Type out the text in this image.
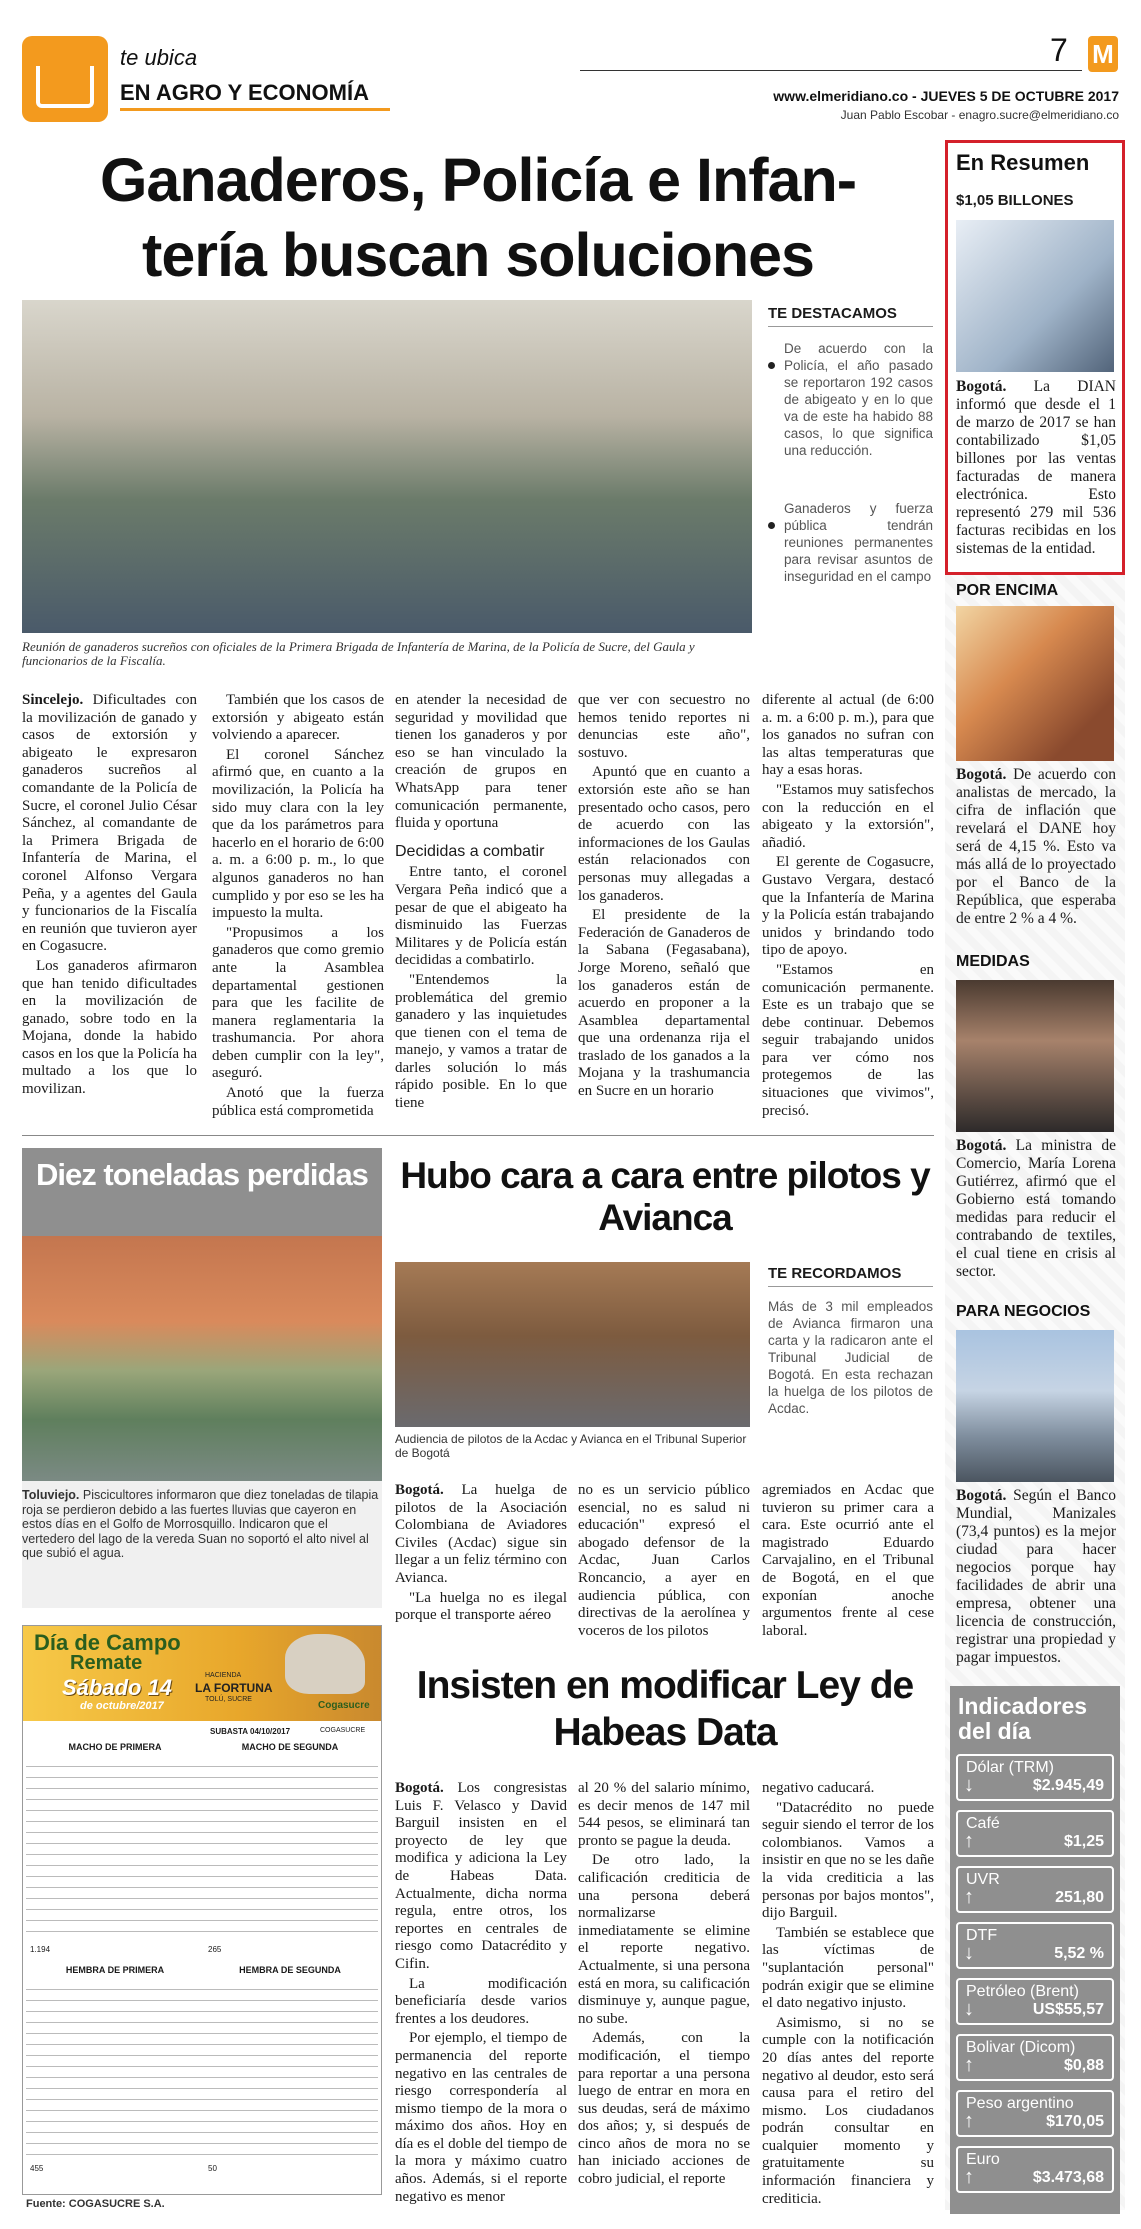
te ubica
EN AGRO Y ECONOMÍA
7 M
www.elmeridiano.co - JUEVES 5 DE OCTUBRE 2017
Juan Pablo Escobar - enagro.sucre@elmeridiano.co
Ganaderos, Policía e Infan-
tería buscan soluciones
Reunión de ganaderos sucreños con oficiales de la Primera Brigada de Infantería de Marina, de la Policía de Sucre, del Gaula y funcionarios de la Fiscalía.
TE DESTACAMOS
De acuerdo con la Policía, el año pasado se reportaron 192 casos de abigeato y en lo que va de este ha habido 88 casos, lo que significa una reducción.
Ganaderos y fuerza pública tendrán reuniones permanentes para revisar asuntos de inseguridad en el campo

Sincelejo. Dificultades con la movilización de ganado y casos de extorsión y abigeato le expresaron ganaderos sucreños al comandante de la Policía de Sucre, el coronel Julio César Sánchez, al comandante de la Primera Brigada de Infantería de Marina, el coronel Alfonso Vergara Peña, y a agentes del Gaula y funcionarios de la Fiscalía en reunión que tuvieron ayer en Cogasucre.

Los ganaderos afirmaron que han tenido dificultades en la movilización de ganado, sobre todo en la Mojana, donde la habido casos en los que la Policía ha multado a los que lo movilizan.

También que los casos de extorsión y abigeato están volviendo a aparecer.

El coronel Sánchez afirmó que, en cuanto a la movilización, la Policía ha sido muy clara con la ley que da los parámetros para hacerlo en el horario de 6:00 a. m. a 6:00 p. m., lo que algunos ganaderos no han cumplido y por eso se les ha impuesto la multa.

"Propusimos a los ganaderos que como gremio ante la Asamblea departamental gestionen para que les facilite de manera reglamentaria la trashumancia. Por ahora deben cumplir con la ley", aseguró.

Anotó que la fuerza pública está comprometida

en atender la necesidad de seguridad y movilidad que tienen los ganaderos y por eso se han vinculado la creación de grupos en WhatsApp para tener comunicación permanente, fluida y oportuna

Decididas a combatir

Entre tanto, el coronel Vergara Peña indicó que a pesar de que el abigeato ha disminuido las Fuerzas Militares y de Policía están decididas a combatirlo.

"Entendemos la problemática del gremio ganadero y las inquietudes que tienen con el tema de manejo, y vamos a tratar de darles solución lo más rápido posible. En lo que tiene

que ver con secuestro no hemos tenido reportes ni denuncias este año", sostuvo.

Apuntó que en cuanto a extorsión este año se han presentado ocho casos, pero de acuerdo con las informaciones de los Gaulas están relacionados con personas muy allegadas a los ganaderos.

El presidente de la Federación de Ganaderos de la Sabana (Fegasabana), Jorge Moreno, señaló que los ganaderos están de acuerdo en proponer a la Asamblea departamental que una ordenanza rija el traslado de los ganados a la Mojana y la trashumancia en Sucre en un horario

diferente al actual (de 6:00 a. m. a 6:00 p. m.), para que los ganados no sufran con las altas temperaturas que hay a esas horas.

"Estamos muy satisfechos con la reducción en el abigeato y la extorsión", añadió.

El gerente de Cogasucre, Gustavo Vergara, destacó que la Infantería de Marina y la Policía están trabajando unidos y brindando todo tipo de apoyo.

"Estamos en comunicación permanente. Este es un trabajo que se debe continuar. Debemos seguir trabajando unidos para ver cómo nos protegemos de las situaciones que vivimos", precisó.

Diez toneladas perdidas
Toluviejo. Piscicultores informaron que diez toneladas de tilapia roja se perdieron debido a las fuertes lluvias que cayeron en estos días en el Golfo de Morrosquillo. Indicaron que el vertedero del lago de la vereda Suan no soportó el alto nivel al que subió el agua.
Hubo cara a cara entre pilotos y Avianca
Audiencia de pilotos de la Acdac y Avianca en el Tribunal Superior de Bogotá
TE RECORDAMOS
Más de 3 mil empleados de Avianca firmaron una carta y la radicaron ante el Tribunal Judicial de Bogotá. En esta rechazan la huelga de los pilotos de Acdac.

Bogotá. La huelga de pilotos de la Asociación Colombiana de Aviadores Civiles (Acdac) sigue sin llegar a un feliz término con Avianca.

"La huelga no es ilegal porque el transporte aéreo

no es un servicio público esencial, no es salud ni educación" expresó el abogado defensor de la Acdac, Juan Carlos Roncancio, a ayer en audiencia pública, con directivas de la aerolínea y voceros de los pilotos

agremiados en Acdac que tuvieron su primer cara a cara. Este ocurrió ante el magistrado Eduardo Carvajalino, en el Tribunal de Bogotá, en el que exponían anoche argumentos frente al cese laboral.

Día de Campo
Remate
Sábado 14
de octubre/2017
HACIENDA
LA FORTUNA
TOLÚ, SUCRE
Cogasucre
SUBASTA 04/10/2017	COGASUCRE
MACHO DE PRIMERA	MACHO DE SEGUNDA
1.194	265
HEMBRA DE PRIMERA	HEMBRA DE SEGUNDA
455	50
Fuente: COGASUCRE S.A.
Insisten en modificar Ley de Habeas Data

Bogotá. Los congresistas Luis F. Velasco y David Barguil insisten en el proyecto de ley que modifica y adiciona la Ley de Habeas Data. Actualmente, dicha norma regula, entre otros, los reportes en centrales de riesgo como Datacrédito y Cifin.

La modificación beneficiaría desde varios frentes a los deudores.

Por ejemplo, el tiempo de permanencia del reporte negativo en las centrales de riesgo correspondería al mismo tiempo de la mora o máximo dos años. Hoy en día es el doble del tiempo de la mora y máximo cuatro años. Además, si el reporte negativo es menor

al 20 % del salario mínimo, es decir menos de 147 mil 544 pesos, se eliminará tan pronto se pague la deuda.

De otro lado, la calificación crediticia de una persona deberá normalizarse inmediatamente se elimine el reporte negativo. Actualmente, si una persona está en mora, su calificación disminuye y, aunque pague, no sube.

Además, con la modificación, el tiempo para reportar a una persona luego de entrar en mora en sus deudas, será de máximo dos años; y, si después de cinco años de mora no se han iniciado acciones de cobro judicial, el reporte

negativo caducará.

"Datacrédito no puede seguir siendo el terror de los colombianos. Vamos a insistir en que no se les dañe la vida crediticia a las personas por bajos montos", dijo Barguil.

También se establece que las víctimas de "suplantación personal" podrán exigir que se elimine el dato negativo injusto.

Asimismo, si no se cumple con la notificación 20 días antes del reporte negativo al deudor, esto será causa para el retiro del mismo. Los ciudadanos podrán consultar en cualquier momento y gratuitamente su información financiera y crediticia.

En Resumen
$1,05 BILLONES
Bogotá. La DIAN informó que desde el 1 de marzo de 2017 se han contabilizado $1,05 billones por las ventas facturadas de manera electrónica. Esto representó 279 mil 536 facturas recibidas en los sistemas de la entidad.
POR ENCIMA
Bogotá. De acuerdo con analistas de mercado, la cifra de inflación que revelará el DANE hoy será de 4,15 %. Esto va más allá de lo proyectado por el Banco de la República, que esperaba de entre 2 % a 4 %.
MEDIDAS
Bogotá. La ministra de Comercio, María Lorena Gutiérrez, afirmó que el Gobierno está tomando medidas para reducir el contrabando de textiles, el cual tiene en crisis al sector.
PARA NEGOCIOS
Bogotá. Según el Banco Mundial, Manizales (73,4 puntos) es la mejor ciudad para hacer negocios porque hay facilidades de abrir una empresa, obtener una licencia de construcción, registrar una propiedad y pagar impuestos.
Indicadores del día
Dólar (TRM)
↓	$2.945,49
Café
↑	$1,25
UVR
↑	251,80
DTF
↓	5,52 %
Petróleo (Brent)
↓	US$55,57
Bolivar (Dicom)
↑	$0,88
Peso argentino
↑	$170,05
Euro
↑	$3.473,68
